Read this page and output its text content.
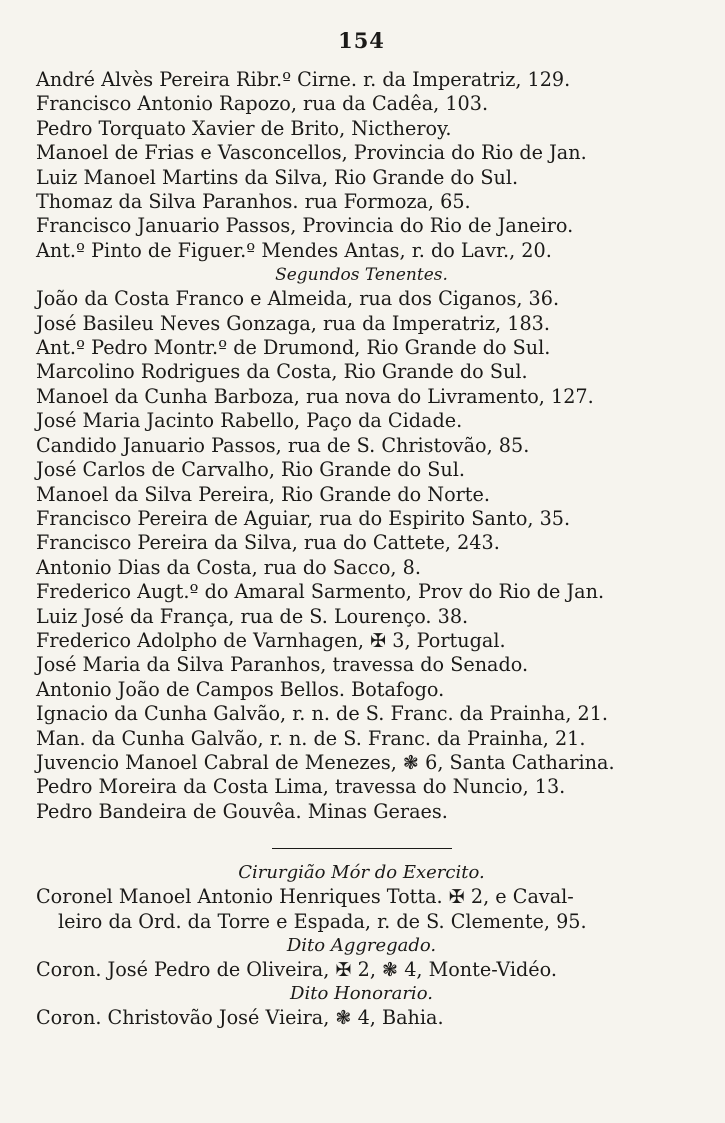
154
André Alvès Pereira Ribr.º Cirne. r. da Imperatriz, 129.
Francisco Antonio Rapozo, rua da Cadêa, 103.
Pedro Torquato Xavier de Brito, Nictheroy.
Manoel de Frias e Vasconcellos, Provincia do Rio de Jan.
Luiz Manoel Martins da Silva, Rio Grande do Sul.
Thomaz da Silva Paranhos. rua Formoza, 65.
Francisco Januario Passos, Provincia do Rio de Janeiro.
Ant.º Pinto de Figuer.º Mendes Antas, r. do Lavr., 20.
Segundos Tenentes.
João da Costa Franco e Almeida, rua dos Ciganos, 36.
José Basileu Neves Gonzaga, rua da Imperatriz, 183.
Ant.º Pedro Montr.º de Drumond, Rio Grande do Sul.
Marcolino Rodrigues da Costa, Rio Grande do Sul.
Manoel da Cunha Barboza, rua nova do Livramento, 127.
José Maria Jacinto Rabello, Paço da Cidade.
Candido Januario Passos, rua de S. Christovão, 85.
José Carlos de Carvalho, Rio Grande do Sul.
Manoel da Silva Pereira, Rio Grande do Norte.
Francisco Pereira de Aguiar, rua do Espirito Santo, 35.
Francisco Pereira da Silva, rua do Cattete, 243.
Antonio Dias da Costa, rua do Sacco, 8.
Frederico Augt.º do Amaral Sarmento, Prov do Rio de Jan.
Luiz José da França, rua de S. Lourenço. 38.
Frederico Adolpho de Varnhagen, ✠ 3, Portugal.
José Maria da Silva Paranhos, travessa do Senado.
Antonio João de Campos Bellos. Botafogo.
Ignacio da Cunha Galvão, r. n. de S. Franc. da Prainha, 21.
Man. da Cunha Galvão, r. n. de S. Franc. da Prainha, 21.
Juvencio Manoel Cabral de Menezes, ❃ 6, Santa Catharina.
Pedro Moreira da Costa Lima, travessa do Nuncio, 13.
Pedro Bandeira de Gouvêa. Minas Geraes.
Cirurgião Mór do Exercito.
Coronel Manoel Antonio Henriques Totta. ✠ 2, e Caval-
leiro da Ord. da Torre e Espada, r. de S. Clemente, 95.
Dito Aggregado.
Coron. José Pedro de Oliveira, ✠ 2, ❃ 4, Monte-Vidéo.
Dito Honorario.
Coron. Christovão José Vieira, ❃ 4, Bahia.
